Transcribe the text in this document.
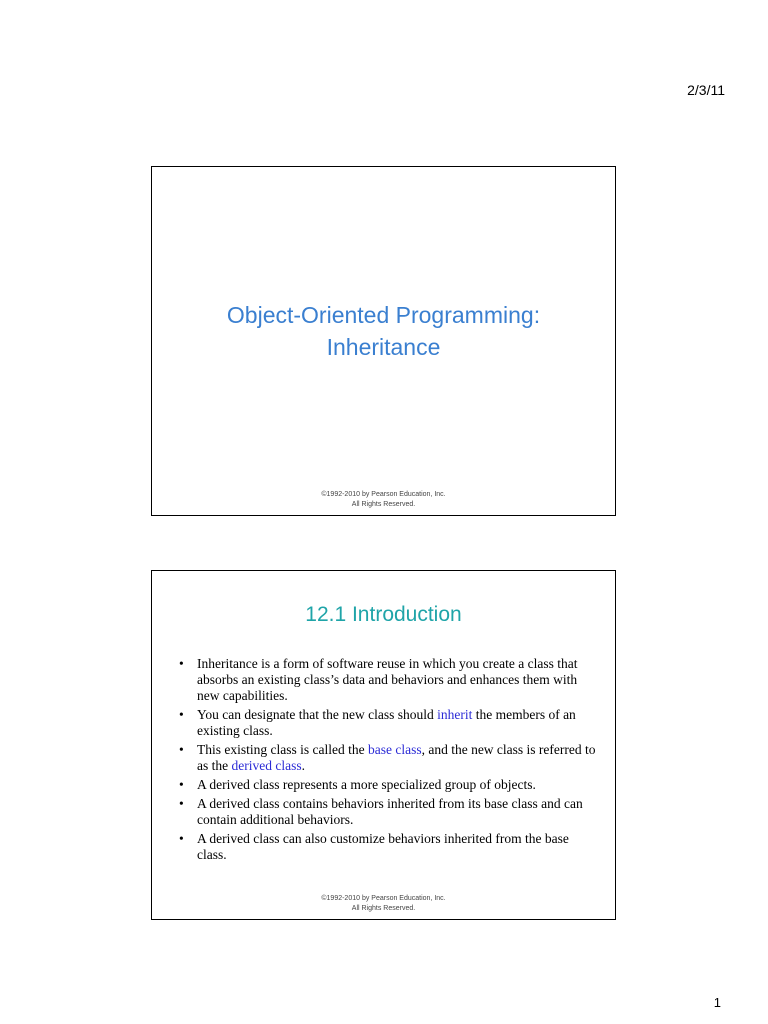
2/3/11
Object-Oriented Programming:
Inheritance
©1992-2010 by Pearson Education, Inc.
All Rights Reserved.
12.1 Introduction
• Inheritance is a form of software reuse in which you create a class that absorbs an existing class’s data and behaviors and enhances them with new capabilities.
• You can designate that the new class should inherit the members of an existing class.
• This existing class is called the base class, and the new class is referred to as the derived class.
• A derived class represents a more specialized group of objects.
• A derived class contains behaviors inherited from its base class and can contain additional behaviors.
• A derived class can also customize behaviors inherited from the base class.
©1992-2010 by Pearson Education, Inc.
All Rights Reserved.
1
